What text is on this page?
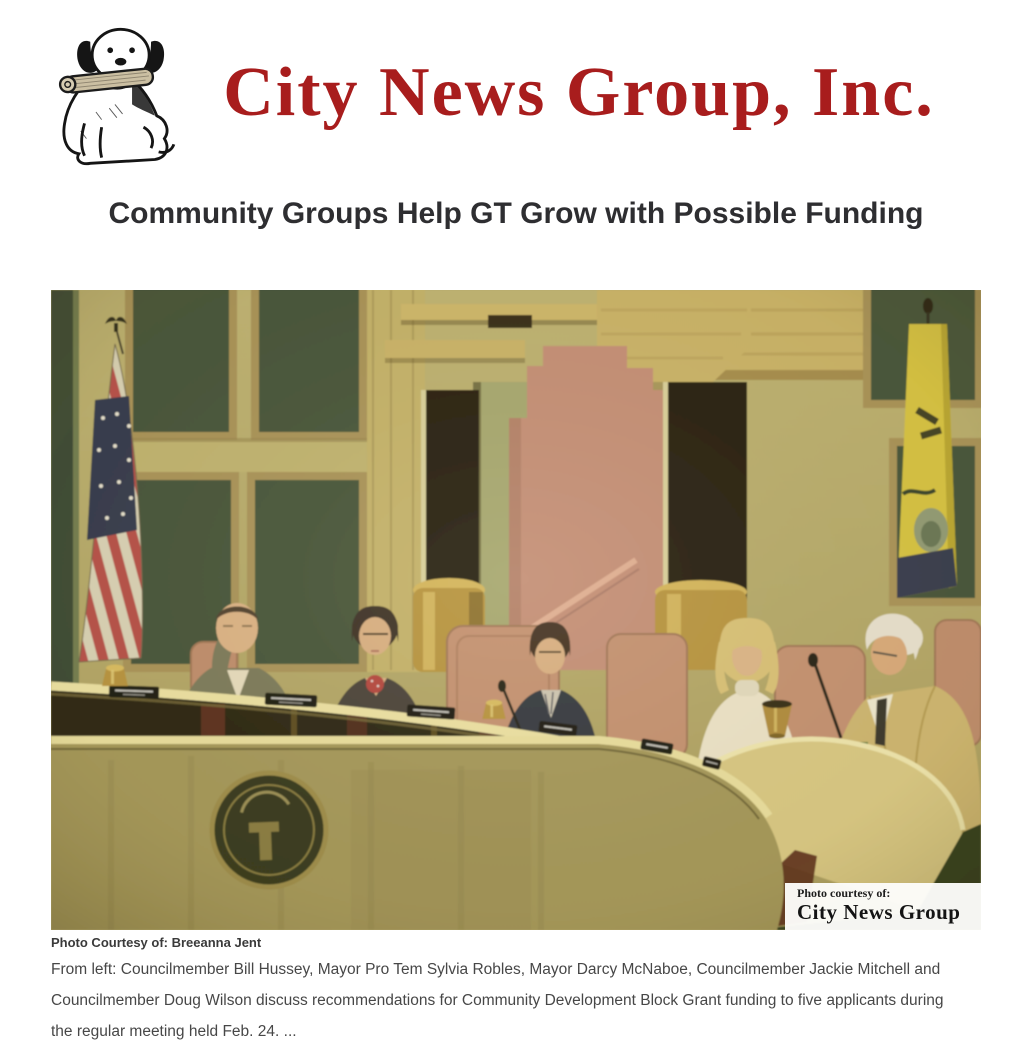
City News Group, Inc.
Community Groups Help GT Grow with Possible Funding
Photo courtesy of:
City News Group
Photo Courtesy of: Breeanna Jent
From left: Councilmember Bill Hussey, Mayor Pro Tem Sylvia Robles, Mayor Darcy McNaboe, Councilmember Jackie Mitchell and
Councilmember Doug Wilson discuss recommendations for Community Development Block Grant funding to five applicants during
the regular meeting held Feb. 24. ...
